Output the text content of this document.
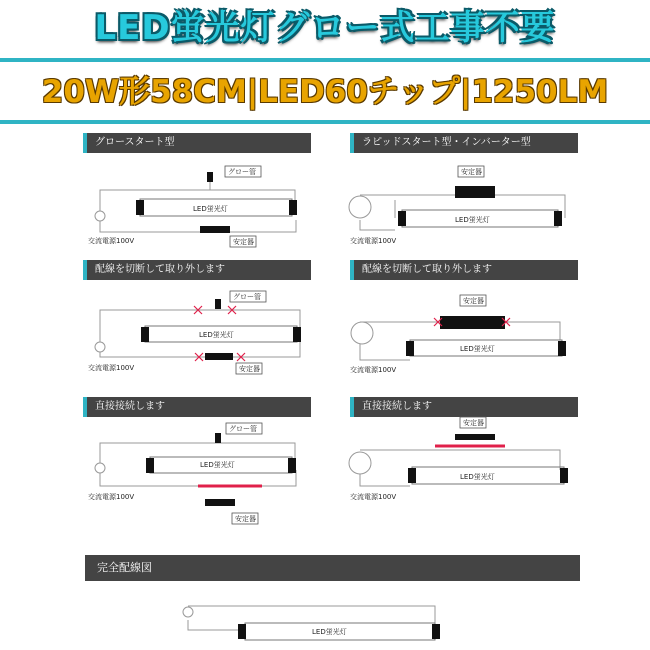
LED蛍光灯グロー式工事不要
20W形58CM|LED60チップ|1250LM
グロースタート型	ラピッドスタート型・インバーター型
配線を切断して取り外します	配線を切断して取り外します
直接接続します	直接接続します
完全配線図
グロー管
LED蛍光灯
安定器
交流電源100V
安定器
LED蛍光灯
交流電源100V
グロー管
LED蛍光灯
安定器
交流電源100V
安定器
LED蛍光灯
交流電源100V
グロー管
LED蛍光灯
安定器
交流電源100V
安定器
LED蛍光灯
交流電源100V
LED蛍光灯
